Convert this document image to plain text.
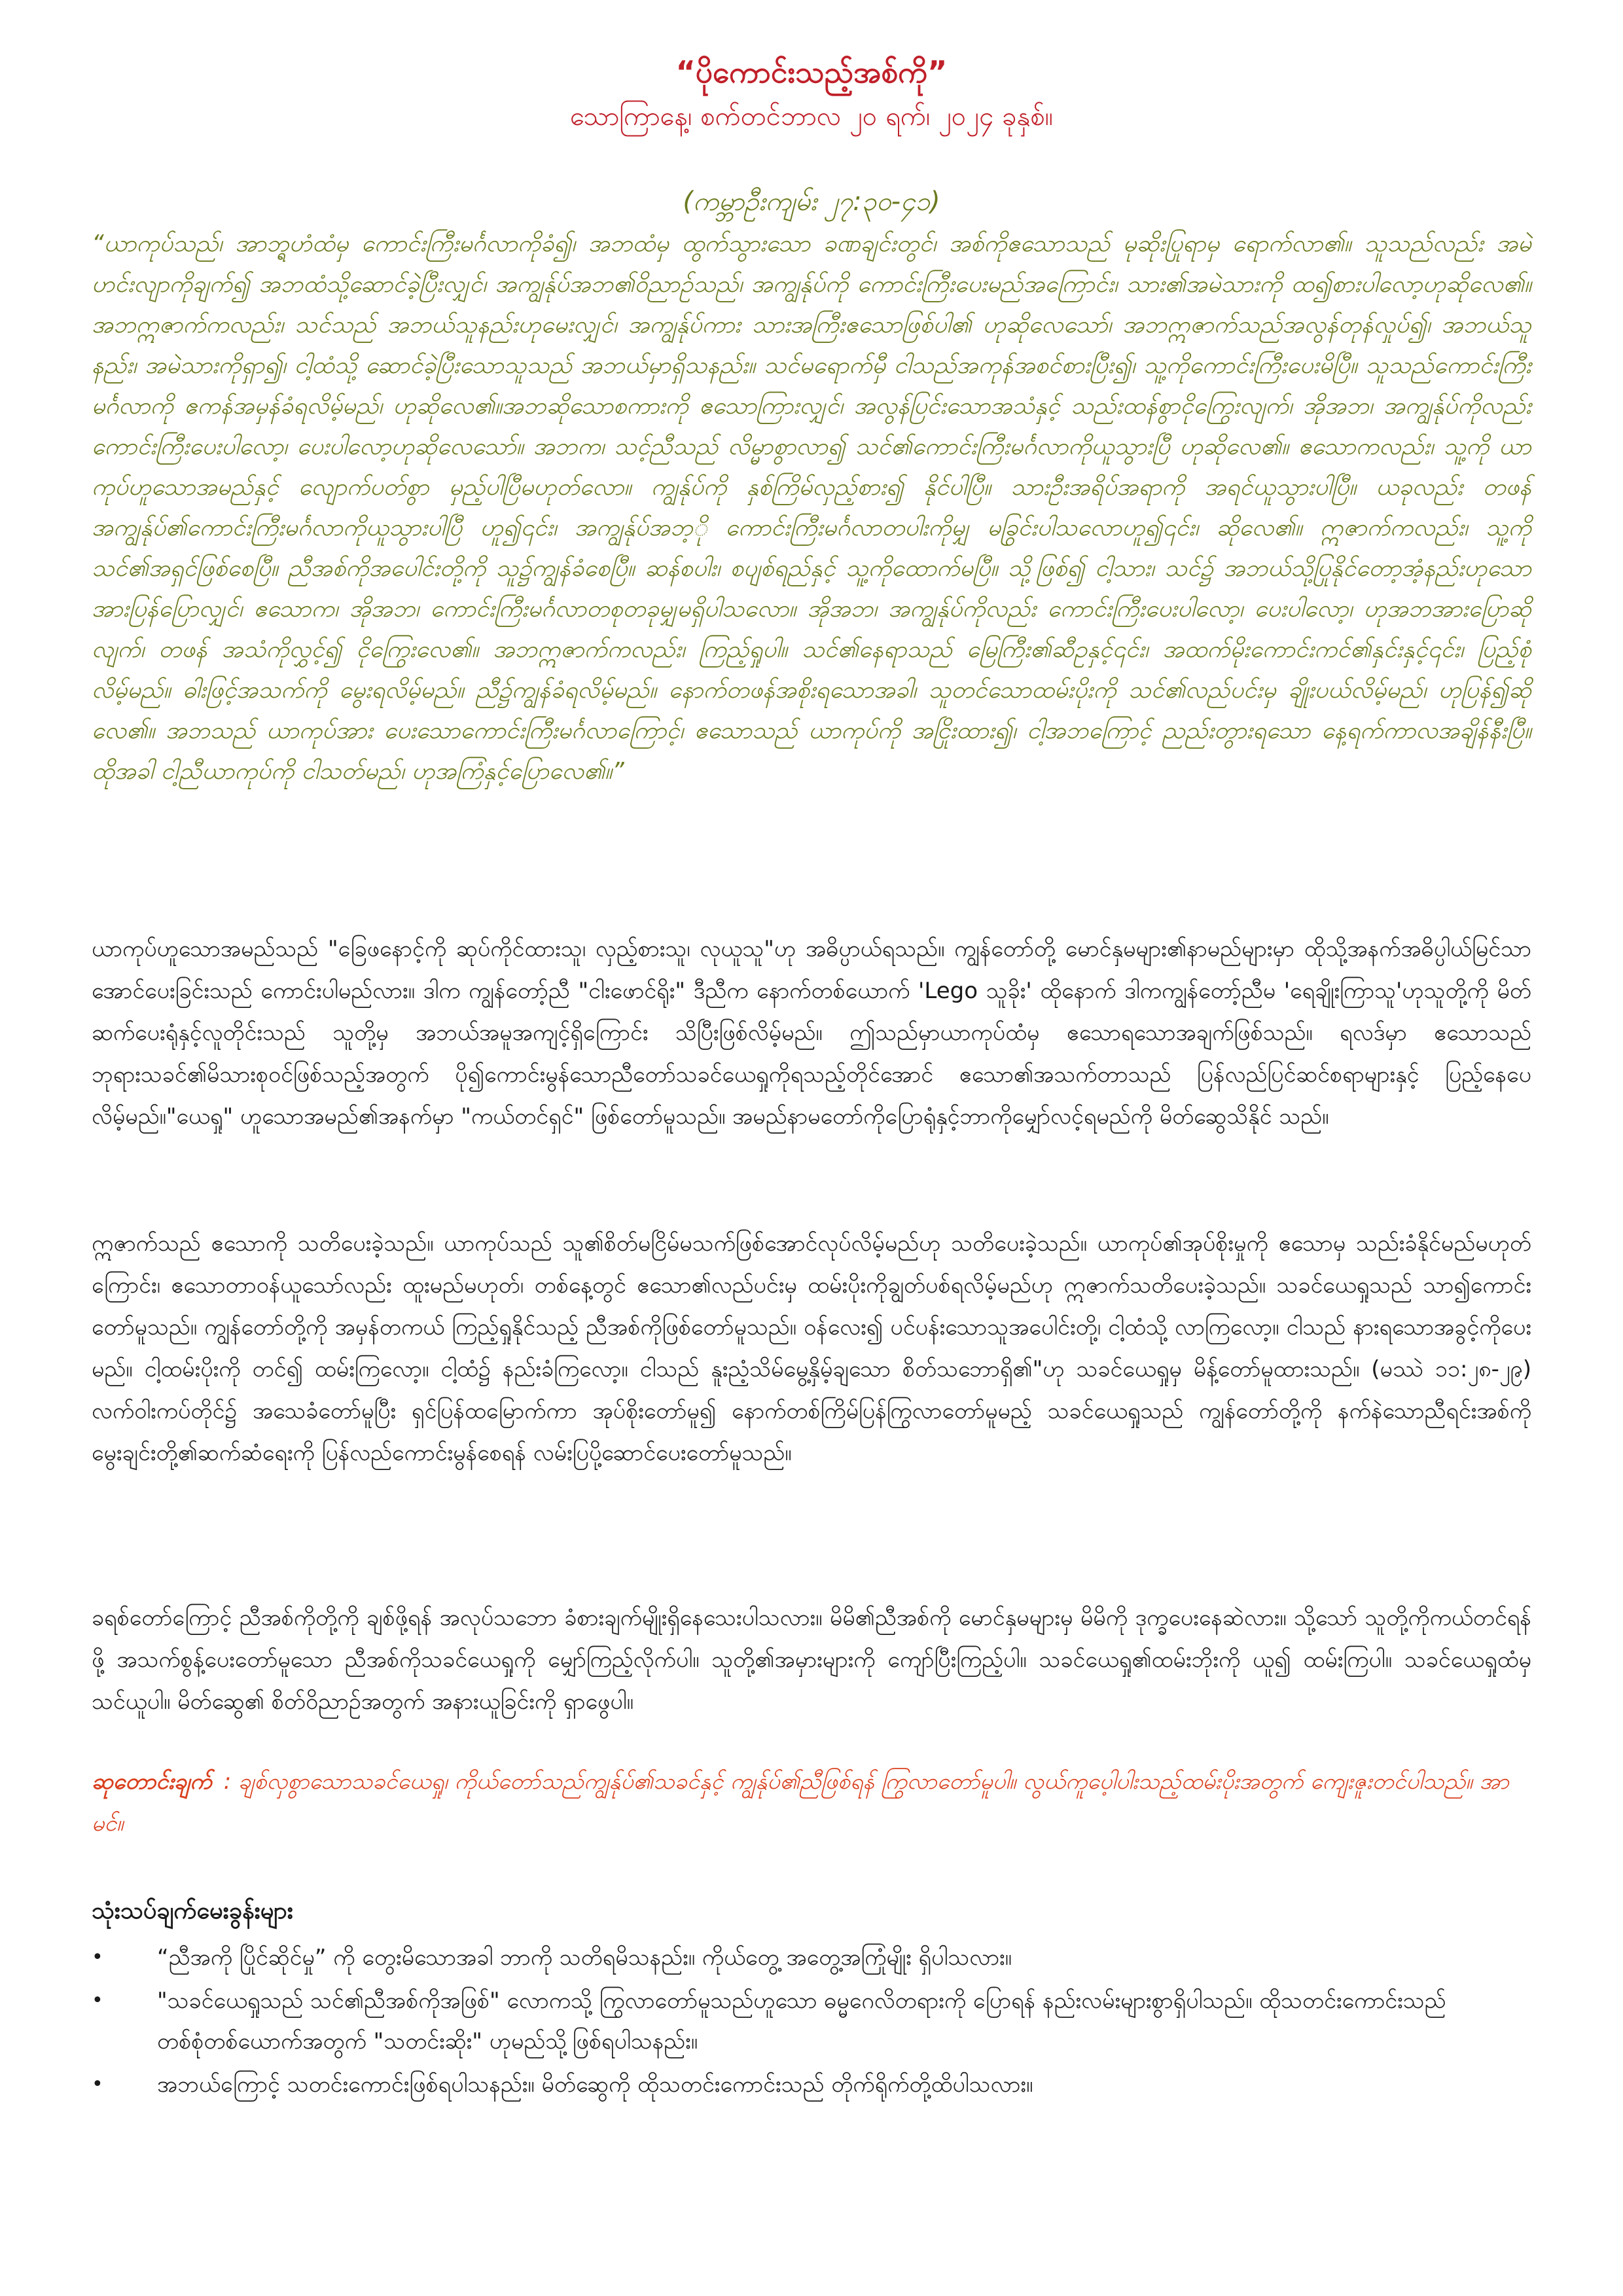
“ပိုကောင်းသည့်အစ်ကို”
သောကြာနေ့၊ စက်တင်ဘာလ ၂၀ ရက်၊ ၂၀၂၄ ခုနှစ်။
(ကမ္ဘာဦးကျမ်း ၂၇:၃၀-၄၁)

“ယာကုပ်သည်၊ အာဘ္ရဟံထံမှ ကောင်းကြီးမင်္ဂလာကိုခံ၍၊ အဘထံမှ ထွက်သွားသော ခဏချင်းတွင်၊ အစ်ကိုဧသောသည် မုဆိုးပြုရာမှ ရောက်လာ၏။ သူသည်လည်း အမဲဟင်းလျာကိုချက်၍ အဘထံသို့ဆောင်ခဲ့ပြီးလျှင်၊ အကျွန်ုပ်အဘ၏ဝိညာဉ်သည်၊ အကျွန်ုပ်ကို ကောင်းကြီးပေးမည်အကြောင်း၊ သား၏အမဲသားကို ထ၍စားပါလော့ဟုဆိုလေ၏။ အဘဣဇာက်ကလည်း၊ သင်သည် အဘယ်သူနည်းဟုမေးလျှင်၊ အကျွန်ုပ်ကား သားအကြီးဧသောဖြစ်ပါ၏ ဟုဆိုလေသော်၊ အဘဣဇာက်သည်အလွန်တုန်လှုပ်၍၊ အဘယ်သူနည်း၊ အမဲသားကိုရှာ၍၊ ငါ့ထံသို့ ဆောင်ခဲ့ပြီးသောသူသည် အဘယ်မှာရှိသနည်း။ သင်မရောက်မှီ ငါသည်အကုန်အစင်စားပြီး၍၊ သူ့ကိုကောင်းကြီးပေးမိပြီ။ သူသည်ကောင်းကြီးမင်္ဂလာကို ဧကန်အမှန်ခံရလိမ့်မည်၊ ဟုဆိုလေ၏။အဘဆိုသောစကားကို ဧသောကြားလျှင်၊ အလွန်ပြင်းသောအသံနှင့် သည်းထန်စွာငိုကြွေးလျက်၊ အိုအဘ၊ အကျွန်ုပ်ကိုလည်း ကောင်းကြီးပေးပါလော့၊ ပေးပါလော့ဟုဆိုလေသော်။ အဘက၊ သင့်ညီသည် လိမ္မာစွာလာ၍ သင်၏ကောင်းကြီးမင်္ဂလာကိုယူသွားပြီ ဟုဆိုလေ၏။ ဧသောကလည်း၊ သူ့ကို ယာကုပ်ဟူသောအမည်နှင့် လျောက်ပတ်စွာ မှည့်ပါပြီမဟုတ်လော။ ကျွန်ုပ်ကို နှစ်ကြိမ်လှည့်စား၍ နိုင်ပါပြီ။ သားဦးအရိပ်အရာကို အရင်ယူသွားပါပြီ။ ယခုလည်း တဖန် အကျွန်ုပ်၏ကောင်းကြီးမင်္ဂလာကိုယူသွားပါပြီ ဟူ၍၎င်း၊ အကျွန်ုပ်အဘ့ို ကောင်းကြီးမင်္ဂလာတပါးကိုမျှ မခြွင်းပါသလောဟူ၍၎င်း၊ ဆိုလေ၏။ ဣဇာက်ကလည်း၊ သူ့ကိုသင်၏အရှင်ဖြစ်စေပြီ။ ညီအစ်ကိုအပေါင်းတို့ကို သူ၌ကျွန်ခံစေပြီ။ ဆန်စပါး၊ စပျစ်ရည်နှင့် သူ့ကိုထောက်မပြီ။ သို့ဖြစ်၍ ငါ့သား၊ သင်၌ အဘယ်သို့ပြုနိုင်တော့အံ့နည်းဟုသောအားပြန်ပြောလျှင်၊ ဧသောက၊ အိုအဘ၊ ကောင်းကြီးမင်္ဂလာတစုတခုမျှမရှိပါသလော။ အိုအဘ၊ အကျွန်ုပ်ကိုလည်း ကောင်းကြီးပေးပါလော့၊ ပေးပါလော့၊ ဟုအဘအားပြောဆိုလျက်၊ တဖန် အသံကိုလွှင့်၍ ငိုကြွေးလေ၏။ အဘဣဇာက်ကလည်း၊ ကြည့်ရှုပါ။ သင်၏နေရာသည် မြေကြီး၏ဆီဥနှင့်၎င်း၊ အထက်မိုးကောင်းကင်၏နှင်းနှင့်၎င်း၊ ပြည့်စုံလိမ့်မည်။ ဓါးဖြင့်အသက်ကို မွေးရလိမ့်မည်။ ညီ၌ကျွန်ခံရလိမ့်မည်။ နောက်တဖန်အစိုးရသောအခါ၊ သူတင်သောထမ်းပိုးကို သင်၏လည်ပင်းမှ ချိုးပယ်လိမ့်မည်၊ ဟုပြန်၍ဆိုလေ၏။ အဘသည် ယာကုပ်အား ပေးသောကောင်းကြီးမင်္ဂလာကြောင့်၊ ဧသောသည် ယာကုပ်ကို အငြိုးထား၍၊ ငါ့အဘကြောင့် ညည်းတွားရသော နေ့ရက်ကာလအချိန်နီးပြီ။ ထိုအခါ ငါ့ညီယာကုပ်ကို ငါသတ်မည်၊ ဟုအကြံနှင့်ပြောလေ၏။”

ယာကုပ်ဟူသောအမည်သည် "ခြေဖနောင့်ကို ဆုပ်ကိုင်ထားသူ၊ လှည့်စားသူ၊ လုယူသူ"ဟု အဓိပ္ပာယ်ရသည်။ ကျွန်တော်တို့ မောင်နှမများ၏နာမည်များမှာ ထိုသို့အနက်အဓိပ္ပါယ်မြင်သာအောင်ပေးခြင်းသည် ကောင်းပါမည်လား။ ဒါက ကျွန်တော့်ညီ "ငါးဖောင်ရိုး" ဒီညီက နောက်တစ်ယောက် 'Lego သူခိုး' ထိုနောက် ဒါကကျွန်တော့်ညီမ 'ရေချိုးကြာသူ'ဟုသူတို့ကို မိတ်ဆက်ပေးရုံနှင့်လူတိုင်းသည် သူတို့မှ အဘယ်အမူအကျင့်ရှိကြောင်း သိပြီးဖြစ်လိမ့်မည်။ ဤသည်မှာယာကုပ်ထံမှ ဧသောရသောအချက်ဖြစ်သည်။ ရလဒ်မှာ ဧသောသည် ဘုရားသခင်၏မိသားစုဝင်ဖြစ်သည့်အတွက် ပို၍ကောင်းမွန်သောညီတော်သခင်ယေရှုကိုရသည့်တိုင်အောင် ဧသော၏အသက်တာသည် ပြန်လည်ပြင်ဆင်စရာများနှင့် ပြည့်နေပေလိမ့်မည်။"ယေရှု" ဟူသောအမည်၏အနက်မှာ "ကယ်တင်ရှင်" ဖြစ်တော်မူသည်။ အမည်နာမတော်ကိုပြောရုံနှင့်ဘာကိုမျှော်လင့်ရမည်ကို မိတ်ဆွေသိနိုင် သည်။

ဣဇာက်သည် ဧသောကို သတိပေးခဲ့သည်။ ယာကုပ်သည် သူ၏စိတ်မငြိမ်မသက်ဖြစ်အောင်လုပ်လိမ့်မည်ဟု သတိပေးခဲ့သည်။ ယာကုပ်၏အုပ်စိုးမှုကို ဧသောမှ သည်းခံနိုင်မည်မဟုတ်ကြောင်း၊ ဧသောတာဝန်ယူသော်လည်း ထူးမည်မဟုတ်၊ တစ်နေ့တွင် ဧသော၏လည်ပင်းမှ ထမ်းပိုးကိုချွတ်ပစ်ရလိမ့်မည်ဟု ဣဇာက်သတိပေးခဲ့သည်။ သခင်ယေရှုသည် သာ၍ကောင်းတော်မူသည်။ ကျွန်တော်တို့ကို အမှန်တကယ် ကြည့်ရှုနိုင်သည့် ညီအစ်ကိုဖြစ်တော်မူသည်။ ဝန်လေး၍ ပင်ပန်းသောသူအပေါင်းတို့၊ ငါ့ထံသို့ လာကြလော့။ ငါသည် နားရသောအခွင့်ကိုပေးမည်။ ငါ့ထမ်းပိုးကို တင်၍ ထမ်းကြလော့။ ငါ့ထံ၌ နည်းခံကြလော့။ ငါသည် နူးညံ့သိမ်မွေ့နှိမ့်ချသော စိတ်သဘောရှိ၏"ဟု သခင်ယေရှုမှ မိန့်တော်မူထားသည်။ (မဿဲ ၁၁:၂၈-၂၉) လက်ဝါးကပ်တိုင်၌ အသေခံတော်မူပြီး ရှင်ပြန်ထမြောက်ကာ အုပ်စိုးတော်မူ၍ နောက်တစ်ကြိမ်ပြန်ကြွလာတော်မူမည့် သခင်ယေရှုသည် ကျွန်တော်တို့ကို နက်နဲသောညီရင်းအစ်ကိုမွေးချင်းတို့၏ဆက်ဆံရေးကို ပြန်လည်ကောင်းမွန်စေရန် လမ်းပြပို့ဆောင်ပေးတော်မူသည်။

ခရစ်တော်ကြောင့် ညီအစ်ကိုတို့ကို ချစ်ဖို့ရန် အလုပ်သဘော ခံစားချက်မျိုးရှိနေသေးပါသလား။ မိမိ၏ညီအစ်ကို မောင်နှမများမှ မိမိကို ဒုက္ခပေးနေဆဲလား။ သို့သော် သူတို့ကိုကယ်တင်ရန်ဖို့ အသက်စွန့်ပေးတော်မူသော ညီအစ်ကိုသခင်ယေရှုကို မျှော်ကြည့်လိုက်ပါ။ သူတို့၏အမှားများကို ကျော်ပြီးကြည့်ပါ။ သခင်ယေရှု၏ထမ်းဘိုးကို ယူ၍ ထမ်းကြပါ။ သခင်ယေရှုထံမှသင်ယူပါ။ မိတ်ဆွေ၏ စိတ်ဝိညာဉ်အတွက် အနားယူခြင်းကို ရှာဖွေပါ။

ဆုတောင်းချက် : ချစ်လှစွာသောသခင်ယေရှု၊ ကိုယ်တော်သည်ကျွန်ုပ်၏သခင်နှင့် ကျွန်ုပ်၏ညီဖြစ်ရန် ကြွလာတော်မူပါ။ လွယ်ကူပေ့ါပါးသည့်ထမ်းပိုးအတွက် ကျေးဇူးတင်ပါသည်။ အာမင်။

သုံးသပ်ချက်မေးခွန်းများ
•	“ညီအကို ပြိုင်ဆိုင်မှု” ကို တွေးမိသောအခါ ဘာကို သတိရမိသနည်း။ ကိုယ်တွေ့ အတွေ့အကြုံမျိုး ရှိပါသလား။
•	"သခင်ယေရှုသည် သင်၏ညီအစ်ကိုအဖြစ်" လောကသို့ ကြွလာတော်မူသည်ဟူသော ဓမ္မဂေလိတရားကို ပြောရန် နည်းလမ်းများစွာရှိပါသည်။ ထိုသတင်းကောင်းသည် တစ်စုံတစ်ယောက်အတွက် "သတင်းဆိုး" ဟုမည်သို့ဖြစ်ရပါသနည်း။
•	အဘယ်ကြောင့် သတင်းကောင်းဖြစ်ရပါသနည်း။ မိတ်ဆွေကို ထိုသတင်းကောင်းသည် တိုက်ရိုက်တို့ထိပါသလား။
